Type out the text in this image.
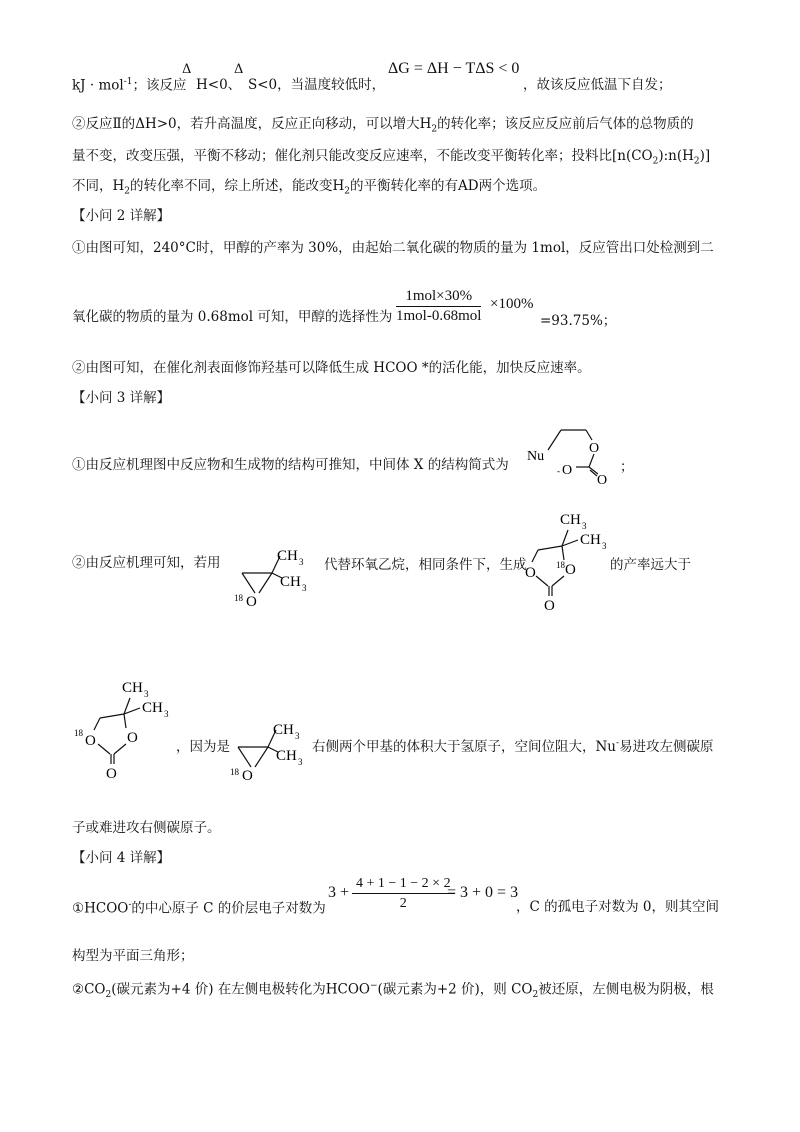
kJ · mol$^{-1}$；该反应
Δ
H<0、
Δ
S<0，当温度较低时，
ΔG = ΔH − TΔS < 0
，故该反应低温下自发；
②反应Ⅱ的ΔH>0，若升高温度，反应正向移动，可以增大$H_2$的转化率；该反应反应前后气体的总物质的
量不变，改变压强，平衡不移动；催化剂只能改变反应速率，不能改变平衡转化率；投料比$[n(CO_2):n(H_2)]$
不同，$H_2$的转化率不同，综上所述，能改变$H_2$的平衡转化率的有AD两个选项。
【小问 2 详解】
①由图可知，240°C时，甲醇的产率为 30%，由起始二氧化碳的物质的量为 1mol，反应管出口处检测到二
氧化碳的物质的量为 0.68mol 可知，甲醇的选择性为
1mol×30%
1mol-0.68mol
×100%
=93.75%；
②由图可知，在催化剂表面修饰羟基可以降低生成 HCOO *的活化能，加快反应速率。
【小问 3 详解】
①由反应机理图中反应物和生成物的结构可推知，中间体 X 的结构简式为
Nu
O
- O
O
；
②由反应机理可知，若用	CH 3
CH 3
18 O
代替环氧乙烷，相同条件下，生成
CH 3
CH 3
O 18 O
O
的产率远大于
CH 3
CH 3
18 O O
O
，因为是
CH 3
CH 3
18 O
右侧两个甲基的体积大于氢原子，空间位阻大，Nu-易进攻左侧碳原
子或难进攻右侧碳原子。
【小问 4 详解】
①HCOO-的中心原子 C 的价层电子对数为
$3 + \frac{4 + 1 - 1 - 2 \times 2}{2}$
= 3 + 0 = 3
，C 的孤电子对数为 0，则其空间
构型为平面三角形；
$②CO_2$(碳元素为+4 价) 在左侧电极转化为HCOO−(碳元素为+2 价)，则 $CO_2$被还原，左侧电极为阴极，根
